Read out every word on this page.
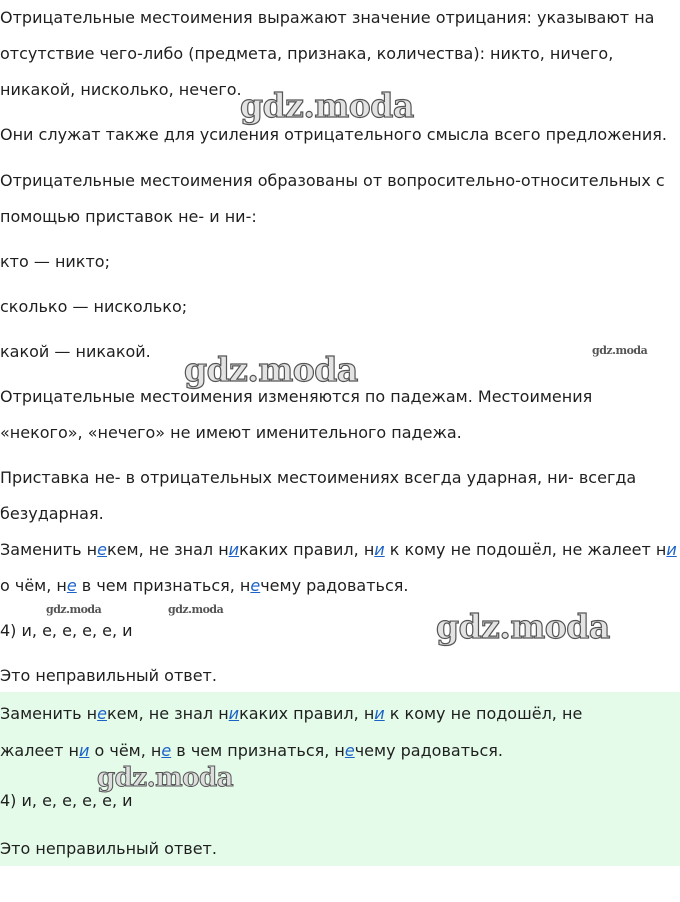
Отрицательные местоимения выражают значение отрицания: указывают на
отсутствие чего-либо (предмета, признака, количества): никто, ничего,
никакой, нисколько, нечего.
Они служат также для усиления отрицательного смысла всего предложения.
Отрицательные местоимения образованы от вопросительно-относительных с
помощью приставок не- и ни-:
кто — никто;
сколько — нисколько;
какой — никакой.
Отрицательные местоимения изменяются по падежам. Местоимения
«некого», «нечего» не имеют именительного падежа.
Приставка не- в отрицательных местоимениях всегда ударная, ни- всегда
безударная.
Заменить некем, не знал никаких правил, ни к кому не подошёл, не жалеет ни
о чём, не в чем признаться, нечему радоваться.
4) и, е, е, е, е, и
Это неправильный ответ.
Заменить некем, не знал никаких правил, ни к кому не подошёл, не
жалеет ни о чём, не в чем признаться, нечему радоваться.
4) и, е, е, е, е, и
Это неправильный ответ.
gdz.moda
gdz.moda	gdz.moda
gdz.moda	gdz.moda	gdz.moda
gdz.moda
